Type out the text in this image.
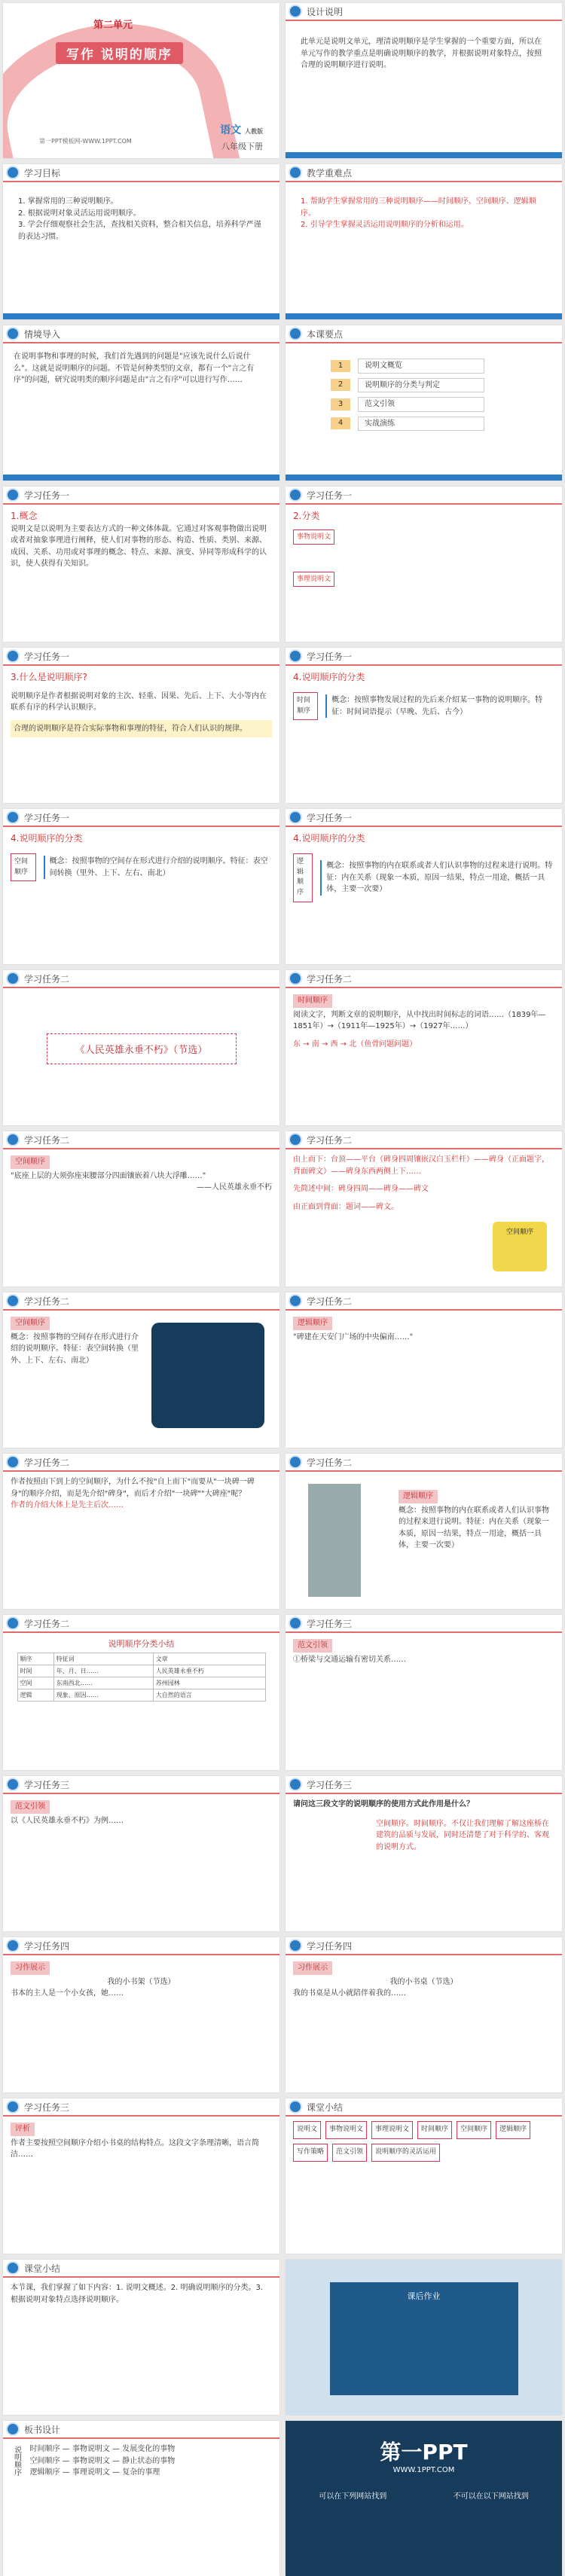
第二单元
写作 说明的顺序
第一PPT模板网-WWW.1PPT.COM
语文 人教版
八年级下册
设计说明
此单元是说明文单元，理清说明顺序是学生掌握的一个重要方面，所以在单元写作的教学重点是明确说明顺序的教学，并根据说明对象特点，按照合理的说明顺序进行说明。
学习目标
1. 掌握常用的三种说明顺序。
2. 根据说明对象灵活运用说明顺序。
3. 学会仔细观察社会生活，查找相关资料，整合相关信息，培养科学严谨的表达习惯。
教学重难点
1. 帮助学生掌握常用的三种说明顺序——时间顺序、空间顺序、逻辑顺序。
2. 引导学生掌握灵活运用说明顺序的分析和运用。
情境导入
在说明事物和事理的时候，我们首先遇到的问题是"应该先说什么后说什么"。这就是说明顺序的问题。不管是何种类型的文章，都有一个"言之有序"的问题，研究说明类的顺序问题是由"言之有序"可以进行写作……
本课要点
1	说明文概览
2	说明顺序的分类与判定
3	范文引领
4	实战演练
学习任务一
1.概念
说明文是以说明为主要表达方式的一种文体体裁。它通过对客观事物做出说明或者对抽象事理进行阐释，使人们对事物的形态、构造、性质、类别、来源、成因、关系、功用或对事理的概念、特点、来源、演变、异同等形成科学的认识，使人获得有关知识。
学习任务一
2.分类
事物说明文
事理说明文
学习任务一
3.什么是说明顺序?
说明顺序是作者根据说明对象的主次、轻重、因果、先后、上下、大小等内在联系有序的科学认识顺序。
合理的说明顺序是符合实际事物和事理的特征，符合人们认识的规律。
学习任务一
4.说明顺序的分类
时间顺序
概念：按照事物发展过程的先后来介绍某一事物的说明顺序。特征：时间词语提示（早晚、先后、古今）
学习任务一
4.说明顺序的分类
空间顺序
概念：按照事物的空间存在形式进行介绍的说明顺序。特征：表空间转换（里外、上下、左右、南北）
学习任务一
4.说明顺序的分类
逻辑顺序
概念：按照事物的内在联系或者人们认识事物的过程来进行说明。特征：内在关系（现象一本质，原因一结果，特点一用途，概括一具体，主要一次要）
学习任务二
《人民英雄永垂不朽》（节选）
学习任务二
时间顺序
阅读文字，判断文章的说明顺序，从中找出时间标志的词语……（1839年—1851年）→（1911年—1925年）→（1927年……）
东 → 南 → 西 → 北（鱼骨问题问题）
学习任务二
空间顺序
"底座上层的大须弥座束腰部分四面镶嵌着八块大浮雕……"
——人民英雄永垂不朽
学习任务二
由上而下：台顶——平台（碑身四周镶嵌汉白玉栏杆）——碑身（正面题字，背面碑文）——碑身东西两侧上下……
先简述中间：碑身四周——碑身——碑文
由正面到背面：题词——碑文。
空间顺序
学习任务二
空间顺序
概念：按照事物的空间存在形式进行介绍的说明顺序。特征：表空间转换（里外、上下、左右、南北）
学习任务二
逻辑顺序
"碑建在天安门广场的中央偏南……"
学习任务二
作者按照由下到上的空间顺序，为什么不按"自上而下"而要从"一块碑一碑身"的顺序介绍，而是先介绍"碑身"，而后才介绍"一块碑""大碑座"呢？
作者的介绍大体上是先主后次……
学习任务二
逻辑顺序
概念：按照事物的内在联系或者人们认识事物的过程来进行说明。特征：内在关系（现象一本质，原因一结果，特点一用途，概括一具体，主要一次要）
学习任务二
说明顺序分类小结
顺序	特征词	文章
时间	年、月、日……	人民英雄永垂不朽
空间	东南西北……	苏州园林
逻辑	现象、原因……	大自然的语言
学习任务三
范文引领
①桥梁与交通运输有密切关系……
学习任务三
范文引领
以《人民英雄永垂不朽》为例……
学习任务三
请问这三段文字的说明顺序的使用方式此作用是什么？
空间顺序。时间顺序。不仅让我们理解了解这座桥在建筑的品质与发展，同时还清楚了对于科学的、客观的说明方式。
学习任务四
习作展示
我的小书架（节选）
书本的主人是一个小女孩，她……
学习任务四
习作展示
我的小书桌（节选）
我的书桌是从小就陪伴着我的……
学习任务三
评析
作者主要按照空间顺序介绍小书桌的结构特点。这段文字条理清晰，语言简洁……
课堂小结
说明文	事物说明文	事理说明文	时间顺序	空间顺序	逻辑顺序
写作策略	范文引领	说明顺序的灵活运用
课堂小结
本节课，我们掌握了如下内容：1. 说明文概述。2. 明确说明顺序的分类。3. 根据说明对象特点选择说明顺序。	课后作业
板书设计
说明顺序 时间顺序 — 事物说明文 — 发展变化的事物
空间顺序 — 事物说明文 — 静止状态的事物
逻辑顺序 — 事理说明文 — 复杂的事理
第一PPT
WWW.1PPT.COM
可以在下列网站找到	不可以在以下网站找到
